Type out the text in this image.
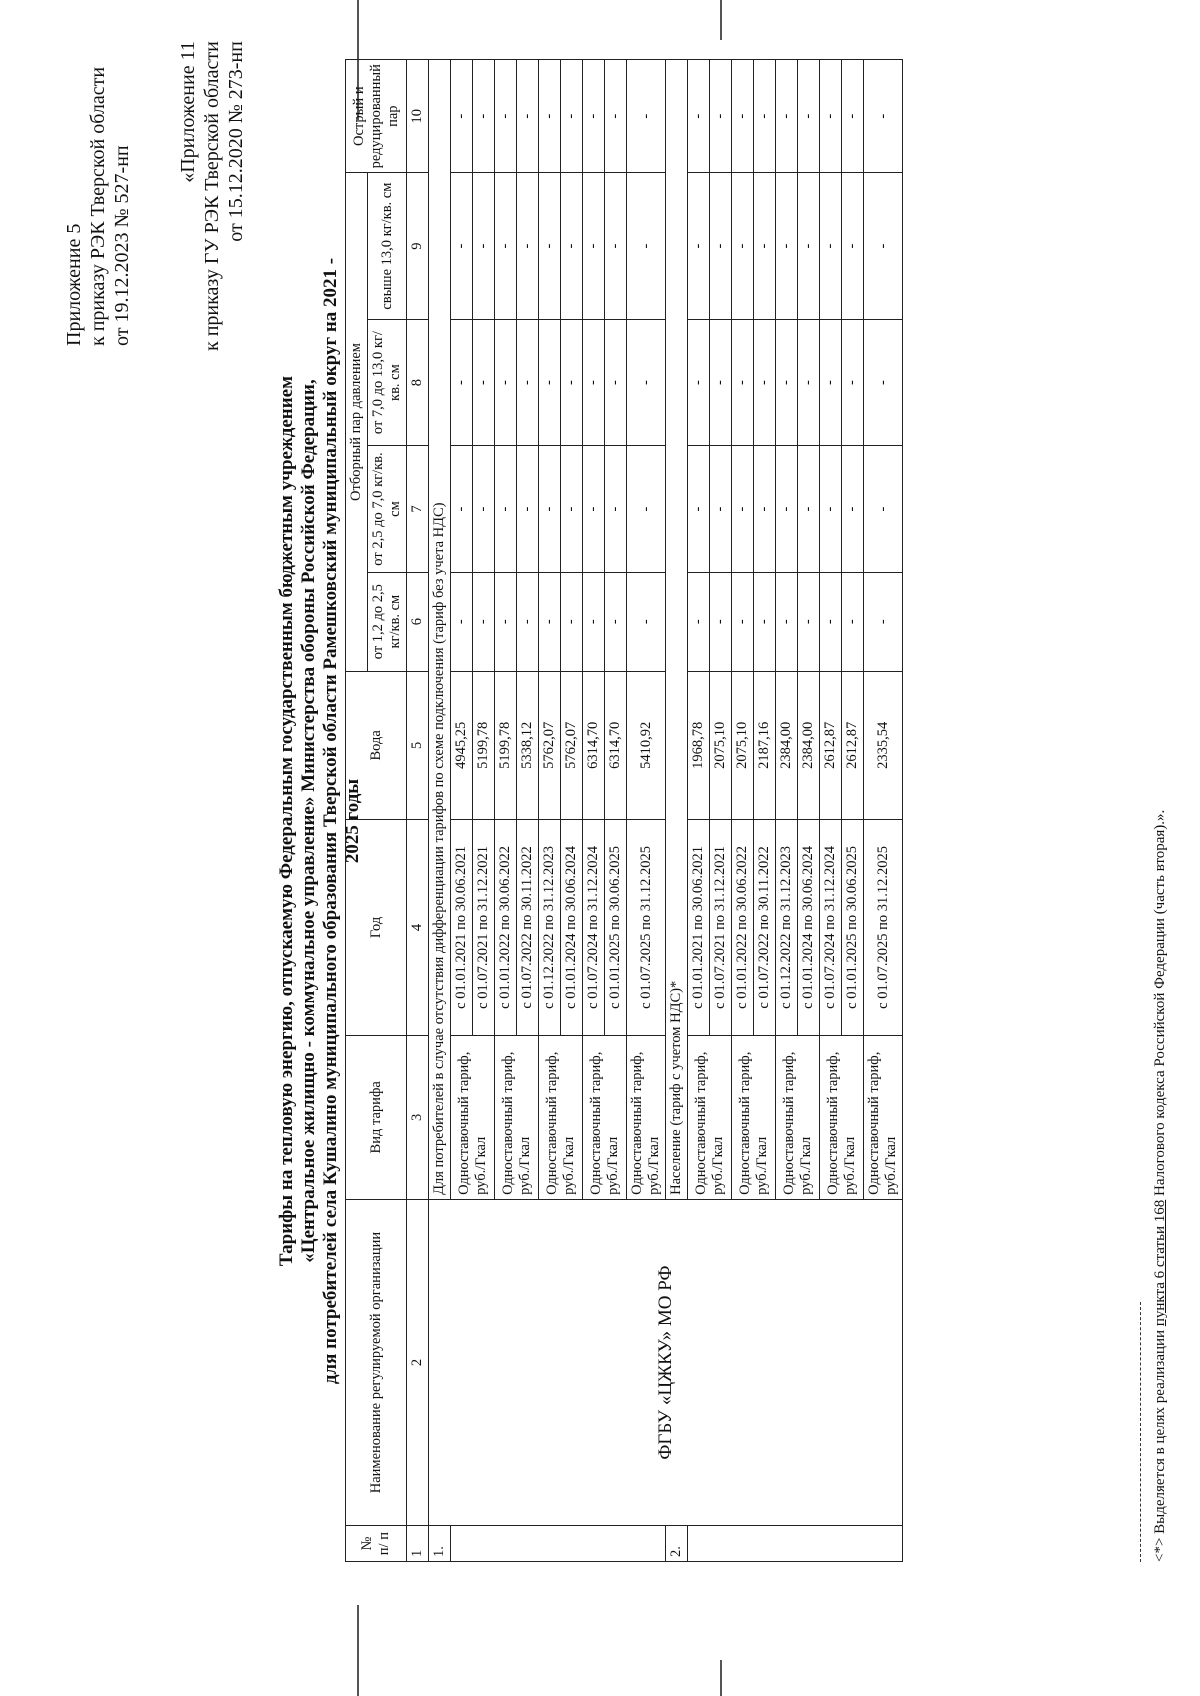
Приложение 5 к приказу РЭК Тверской области от 19.12.2023 № 527-нп
«Приложение 11 к приказу ГУ РЭК Тверской области от 15.12.2020 № 273-нп
Тарифы на тепловую энергию, отпускаемую Федеральным государственным бюджетным учреждением «Центральное жилищно - коммунальное управление» Министерства обороны Российской Федерации, для потребителей села Кушалино муниципального образования Тверской области Рамешковский муниципальный округ на 2021 - 2025 годы
№ п/ п	Наименование регулируемой организации	Вид тарифа	Год	Вода	Отборный пар давлением				Острый и редуцированный пар
					от 1,2 до 2,5 кг/кв. см	от 2,5 до 7,0 кг/кв. см	от 7,0 до 13,0 кг/кв. см	свыше 13,0 кг/кв. см	
1	2	3	4	5	6	7	8	9	10
1.	ФГБУ «ЦЖКУ» МО РФ	Для потребителей в случае отсутствия дифференциации тарифов по схеме подключения (тариф без учета НДС)							
		Одноставочный тариф, руб./Гкал	с 01.01.2021 по 30.06.2021	4945,25	-	-	-	-	-
			с 01.07.2021 по 31.12.2021	5199,78	-	-	-	-	-
		Одноставочный тариф, руб./Гкал	с 01.01.2022 по 30.06.2022	5199,78	-	-	-	-	-
			с 01.07.2022 по 30.11.2022	5338,12	-	-	-	-	-
		Одноставочный тариф, руб./Гкал	с 01.12.2022 по 31.12.2023	5762,07	-	-	-	-	-
			с 01.01.2024 по 30.06.2024	5762,07	-	-	-	-	-
		Одноставочный тариф, руб./Гкал	с 01.07.2024 по 31.12.2024	6314,70	-	-	-	-	-
			с 01.01.2025 по 30.06.2025	6314,70	-	-	-	-	-
		Одноставочный тариф, руб./Гкал	с 01.07.2025 по 31.12.2025	5410,92	-	-	-	-	-
2.		Население (тариф с учетом НДС)*							
		Одноставочный тариф, руб./Гкал	с 01.01.2021 по 30.06.2021	1968,78	-	-	-	-	-
			с 01.07.2021 по 31.12.2021	2075,10	-	-	-	-	-
		Одноставочный тариф, руб./Гкал	с 01.01.2022 по 30.06.2022	2075,10	-	-	-	-	-
			с 01.07.2022 по 30.11.2022	2187,16	-	-	-	-	-
		Одноставочный тариф, руб./Гкал	с 01.12.2022 по 31.12.2023	2384,00	-	-	-	-	-
			с 01.01.2024 по 30.06.2024	2384,00	-	-	-	-	-
		Одноставочный тариф, руб./Гкал	с 01.07.2024 по 31.12.2024	2612,87	-	-	-	-	-
			с 01.01.2025 по 30.06.2025	2612,87	-	-	-	-	-
		Одноставочный тариф, руб./Гкал	с 01.07.2025 по 31.12.2025	2335,54	-	-	-	-	-
<*> Выделяется в целях реализации пункта 6 статьи 168 Налогового кодекса Российской Федерации (часть вторая).».
